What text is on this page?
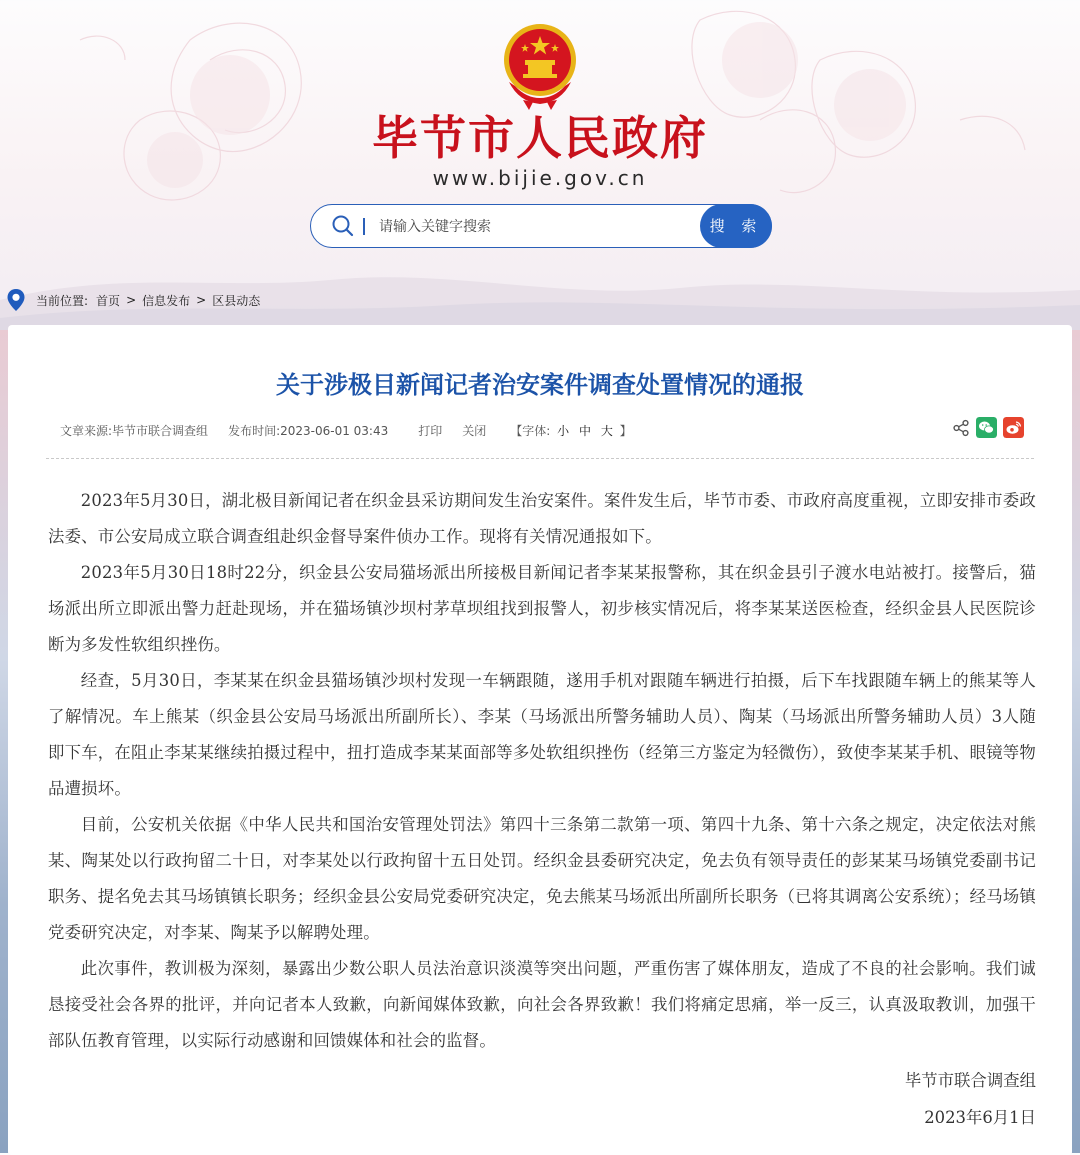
毕节市人民政府
www.bijie.gov.cn
请输入关键字搜索
搜 索
当前位置: 首页 > 信息发布 > 区县动态
关于涉极目新闻记者治安案件调查处置情况的通报
文章来源: 毕节市联合调查组 发布时间: 2023-06-01 03:43	打印 关闭 【字体: 小 中 大 】

2023年5月30日，湖北极目新闻记者在织金县采访期间发生治安案件。案件发生后，毕节市委、市政府高度重视，立即安排市委政法委、市公安局成立联合调查组赴织金督导案件侦办工作。现将有关情况通报如下。

2023年5月30日18时22分，织金县公安局猫场派出所接极目新闻记者李某某报警称，其在织金县引子渡水电站被打。接警后，猫场派出所立即派出警力赶赴现场，并在猫场镇沙坝村茅草坝组找到报警人，初步核实情况后，将李某某送医检查，经织金县人民医院诊断为多发性软组织挫伤。

经查，5月30日，李某某在织金县猫场镇沙坝村发现一车辆跟随，遂用手机对跟随车辆进行拍摄，后下车找跟随车辆上的熊某等人了解情况。车上熊某（织金县公安局马场派出所副所长）、李某（马场派出所警务辅助人员）、陶某（马场派出所警务辅助人员）3人随即下车，在阻止李某某继续拍摄过程中，扭打造成李某某面部等多处软组织挫伤（经第三方鉴定为轻微伤），致使李某某手机、眼镜等物品遭损坏。

目前，公安机关依据《中华人民共和国治安管理处罚法》第四十三条第二款第一项、第四十九条、第十六条之规定，决定依法对熊某、陶某处以行政拘留二十日，对李某处以行政拘留十五日处罚。经织金县委研究决定，免去负有领导责任的彭某某马场镇党委副书记职务、提名免去其马场镇镇长职务；经织金县公安局党委研究决定，免去熊某马场派出所副所长职务（已将其调离公安系统）；经马场镇党委研究决定，对李某、陶某予以解聘处理。

此次事件，教训极为深刻，暴露出少数公职人员法治意识淡漠等突出问题，严重伤害了媒体朋友，造成了不良的社会影响。我们诚恳接受社会各界的批评，并向记者本人致歉，向新闻媒体致歉，向社会各界致歉！我们将痛定思痛，举一反三，认真汲取教训，加强干部队伍教育管理，以实际行动感谢和回馈媒体和社会的监督。

毕节市联合调查组
2023年6月1日
